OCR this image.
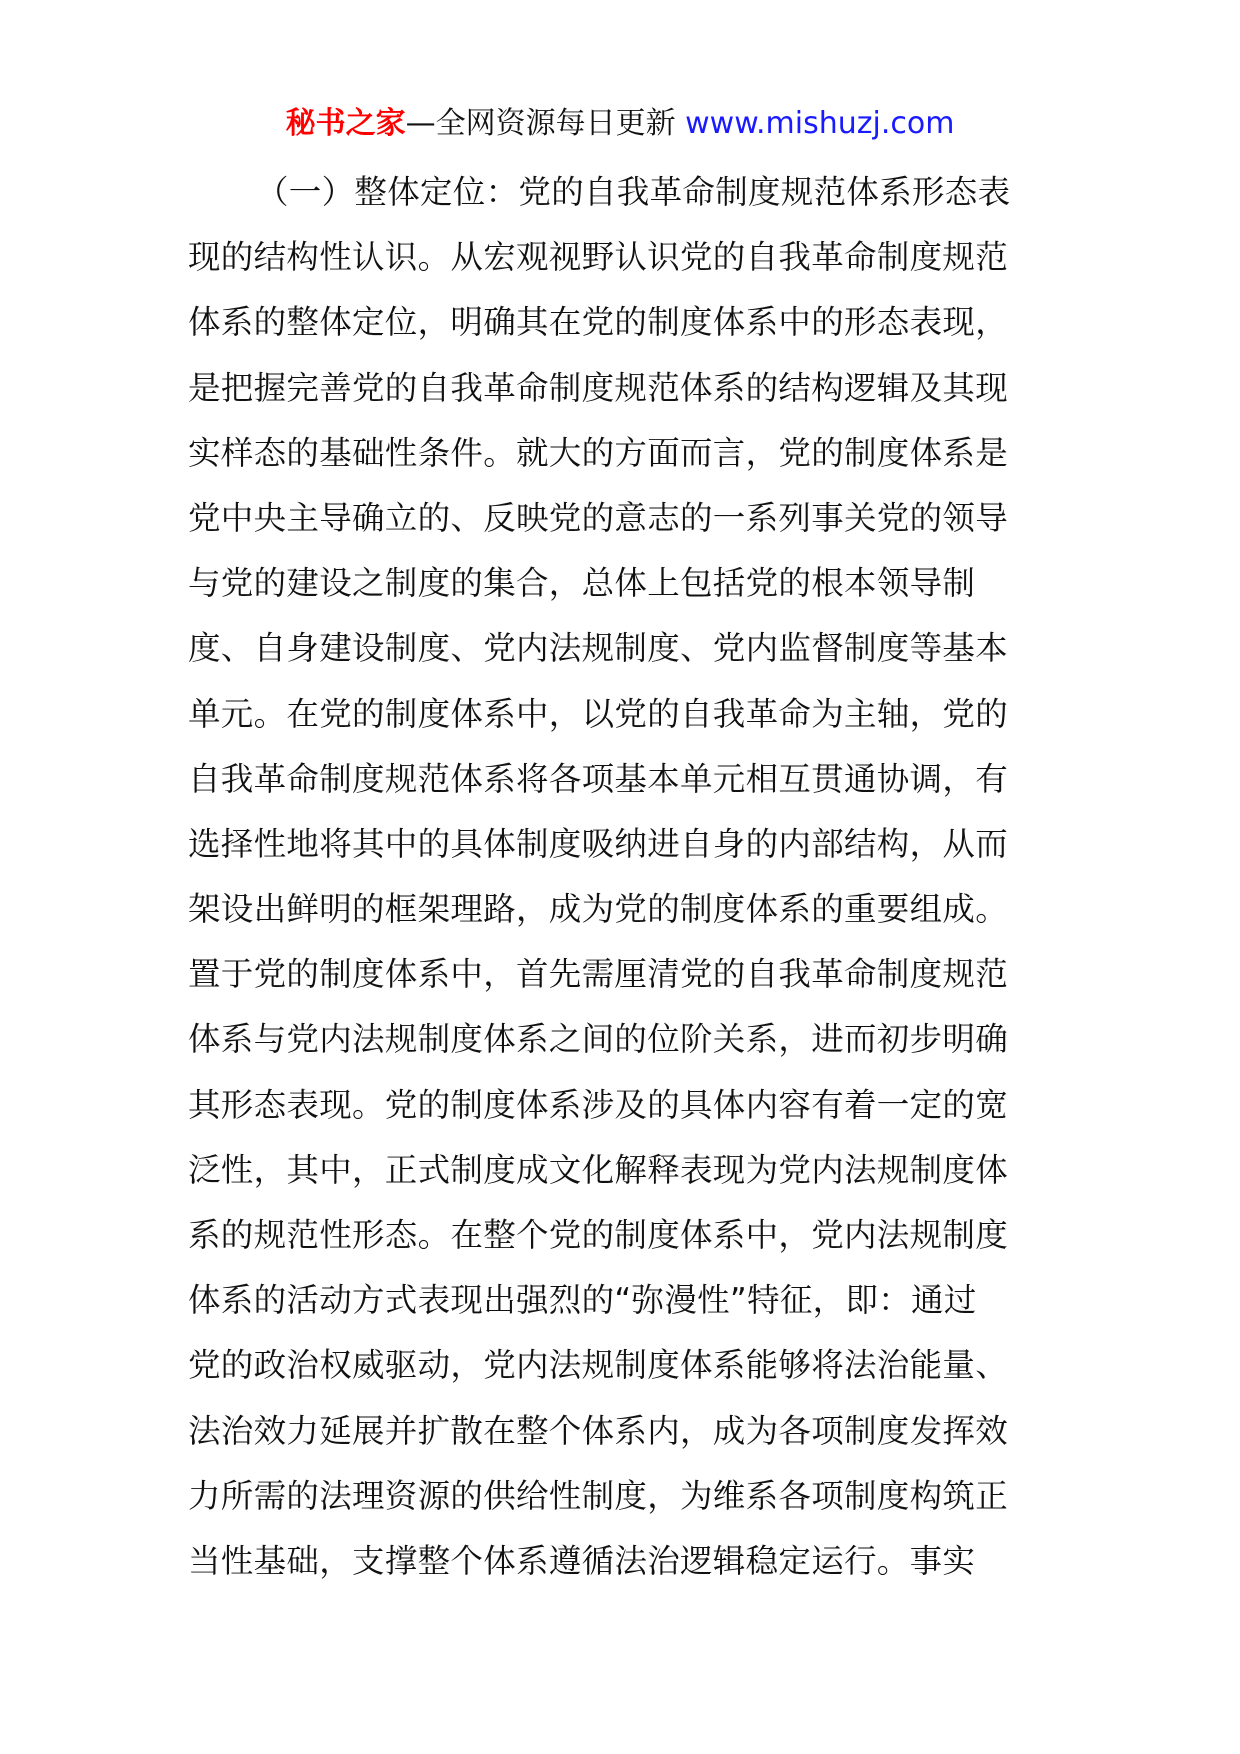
秘书之家—全网资源每日更新 www.mishuzj.com
（一）整体定位：党的自我革命制度规范体系形态表
现的结构性认识。从宏观视野认识党的自我革命制度规范
体系的整体定位，明确其在党的制度体系中的形态表现，
是把握完善党的自我革命制度规范体系的结构逻辑及其现
实样态的基础性条件。就大的方面而言，党的制度体系是
党中央主导确立的、反映党的意志的一系列事关党的领导
与党的建设之制度的集合，总体上包括党的根本领导制
度、自身建设制度、党内法规制度、党内监督制度等基本
单元。在党的制度体系中，以党的自我革命为主轴，党的
自我革命制度规范体系将各项基本单元相互贯通协调，有
选择性地将其中的具体制度吸纳进自身的内部结构，从而
架设出鲜明的框架理路，成为党的制度体系的重要组成。
置于党的制度体系中，首先需厘清党的自我革命制度规范
体系与党内法规制度体系之间的位阶关系，进而初步明确
其形态表现。党的制度体系涉及的具体内容有着一定的宽
泛性，其中，正式制度成文化解释表现为党内法规制度体
系的规范性形态。在整个党的制度体系中，党内法规制度
体系的活动方式表现出强烈的“弥漫性”特征，即：通过
党的政治权威驱动，党内法规制度体系能够将法治能量、
法治效力延展并扩散在整个体系内，成为各项制度发挥效
力所需的法理资源的供给性制度，为维系各项制度构筑正
当性基础，支撑整个体系遵循法治逻辑稳定运行。事实
